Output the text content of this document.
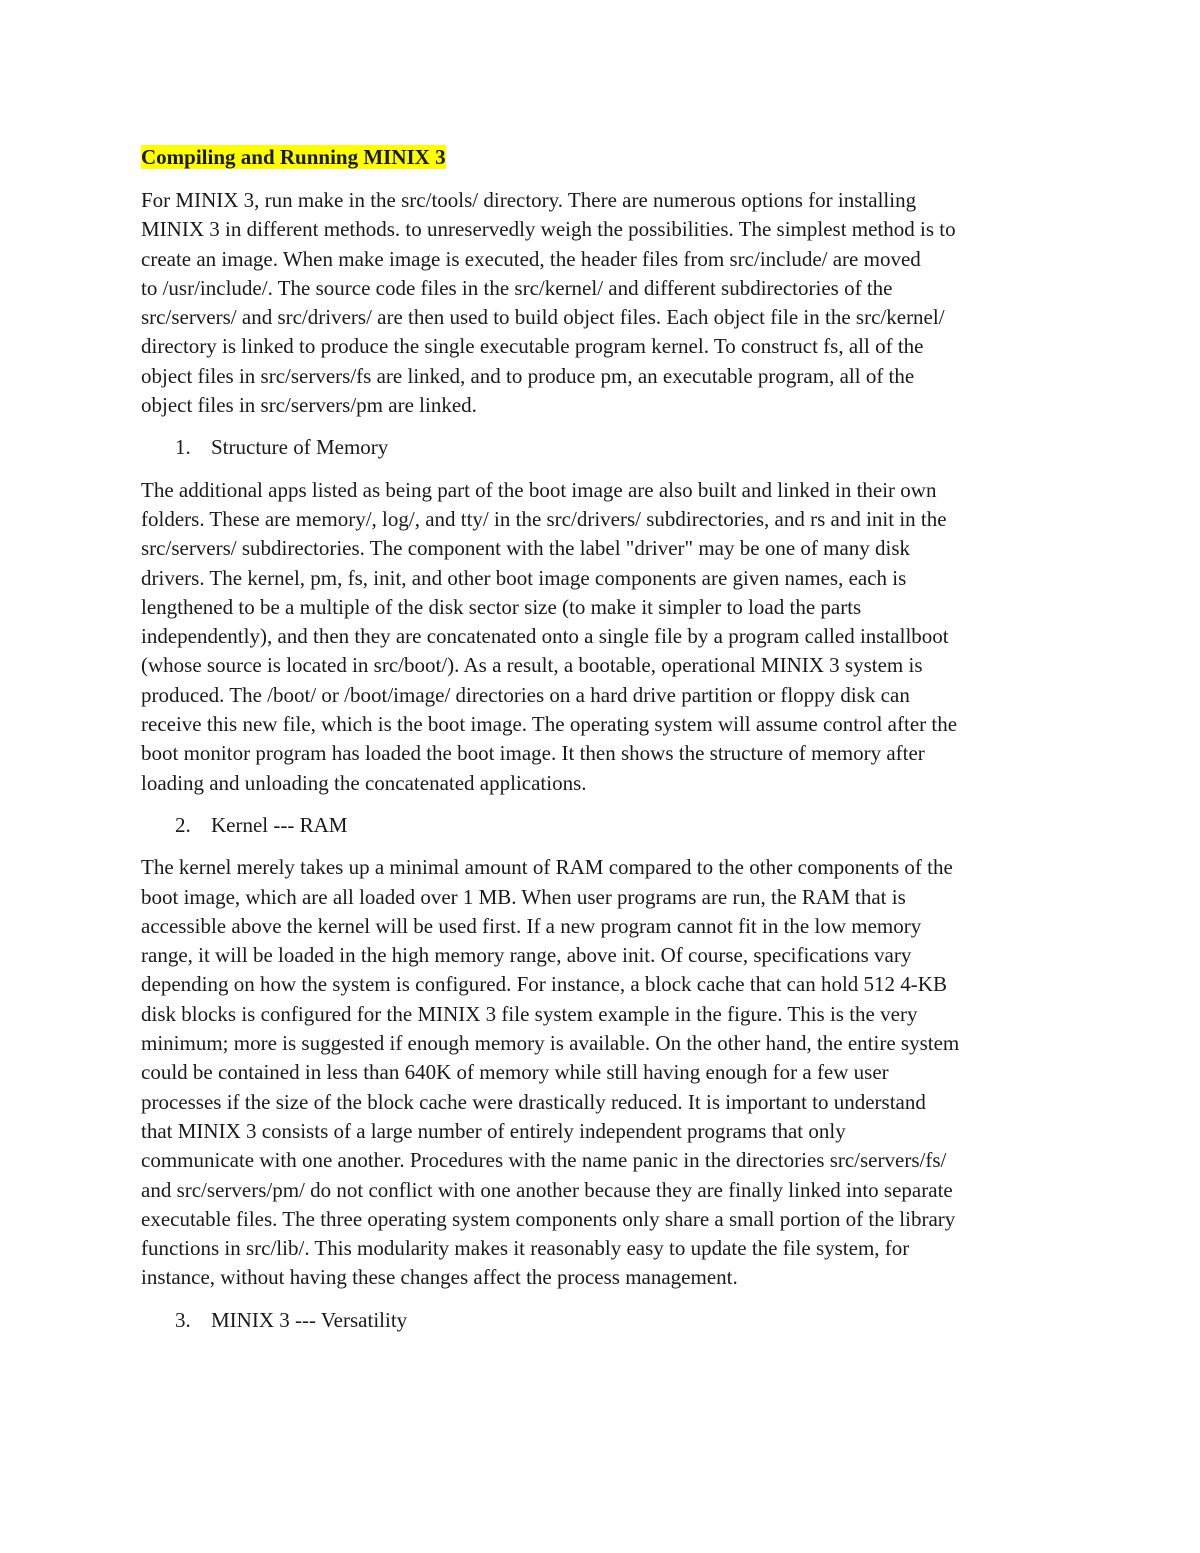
Compiling and Running MINIX 3

For MINIX 3, run make in the src/tools/ directory. There are numerous options for installing
MINIX 3 in different methods. to unreservedly weigh the possibilities. The simplest method is to
create an image. When make image is executed, the header files from src/include/ are moved
to /usr/include/. The source code files in the src/kernel/ and different subdirectories of the
src/servers/ and src/drivers/ are then used to build object files. Each object file in the src/kernel/
directory is linked to produce the single executable program kernel. To construct fs, all of the
object files in src/servers/fs are linked, and to produce pm, an executable program, all of the
object files in src/servers/pm are linked.

1. Structure of Memory

The additional apps listed as being part of the boot image are also built and linked in their own
folders. These are memory/, log/, and tty/ in the src/drivers/ subdirectories, and rs and init in the
src/servers/ subdirectories. The component with the label "driver" may be one of many disk
drivers. The kernel, pm, fs, init, and other boot image components are given names, each is
lengthened to be a multiple of the disk sector size (to make it simpler to load the parts
independently), and then they are concatenated onto a single file by a program called installboot
(whose source is located in src/boot/). As a result, a bootable, operational MINIX 3 system is
produced. The /boot/ or /boot/image/ directories on a hard drive partition or floppy disk can
receive this new file, which is the boot image. The operating system will assume control after the
boot monitor program has loaded the boot image. It then shows the structure of memory after
loading and unloading the concatenated applications.

2. Kernel --- RAM

The kernel merely takes up a minimal amount of RAM compared to the other components of the
boot image, which are all loaded over 1 MB. When user programs are run, the RAM that is
accessible above the kernel will be used first. If a new program cannot fit in the low memory
range, it will be loaded in the high memory range, above init. Of course, specifications vary
depending on how the system is configured. For instance, a block cache that can hold 512 4-KB
disk blocks is configured for the MINIX 3 file system example in the figure. This is the very
minimum; more is suggested if enough memory is available. On the other hand, the entire system
could be contained in less than 640K of memory while still having enough for a few user
processes if the size of the block cache were drastically reduced. It is important to understand
that MINIX 3 consists of a large number of entirely independent programs that only
communicate with one another. Procedures with the name panic in the directories src/servers/fs/
and src/servers/pm/ do not conflict with one another because they are finally linked into separate
executable files. The three operating system components only share a small portion of the library
functions in src/lib/. This modularity makes it reasonably easy to update the file system, for
instance, without having these changes affect the process management.

3. MINIX 3 --- Versatility
